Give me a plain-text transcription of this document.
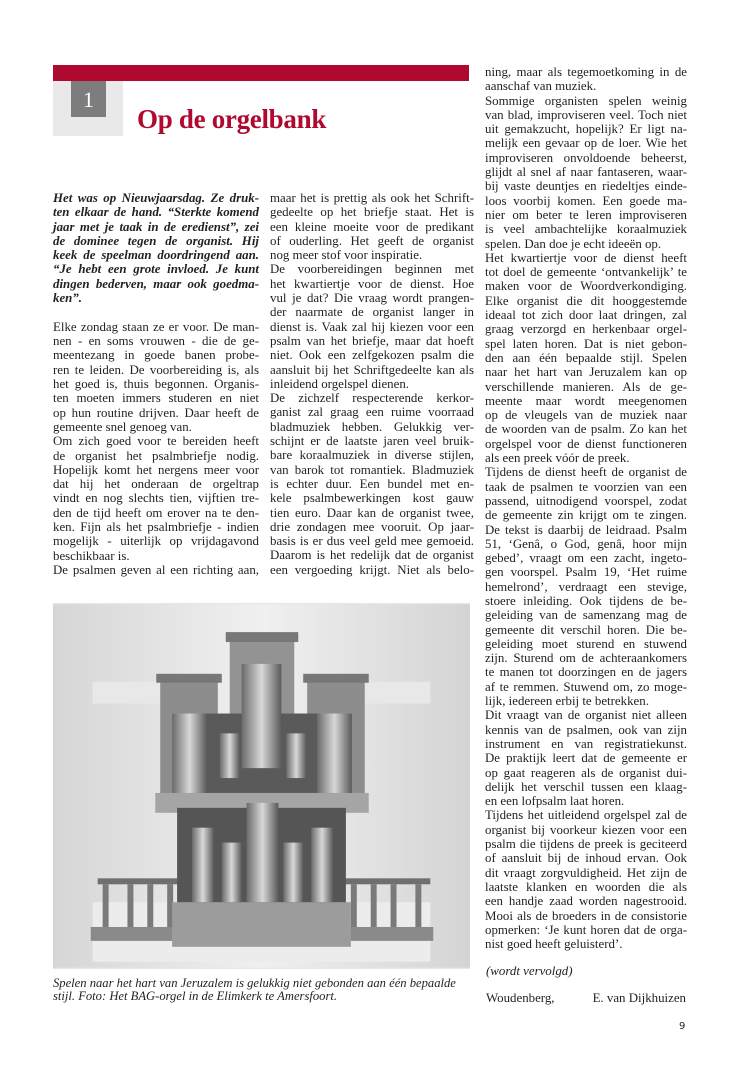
1
Op de orgelbank
Het was op Nieuwjaarsdag. Ze druk-
ten elkaar de hand. “Sterkte komend
jaar met je taak in de eredienst”, zei
de dominee tegen de organist. Hij
keek de speelman doordringend aan.
“Je hebt een grote invloed. Je kunt
dingen bederven, maar ook goedma-
ken”.
Elke zondag staan ze er voor. De man-
nen - en soms vrouwen - die de ge-
meentezang in goede banen probe-
ren te leiden. De voorbereiding is, als
het goed is, thuis begonnen. Organis-
ten moeten immers studeren en niet
op hun routine drijven. Daar heeft de
gemeente snel genoeg van.
Om zich goed voor te bereiden heeft
de organist het psalmbriefje nodig.
Hopelijk komt het nergens meer voor
dat hij het onderaan de orgeltrap
vindt en nog slechts tien, vijftien tre-
den de tijd heeft om erover na te den-
ken. Fijn als het psalmbriefje - indien
mogelijk - uiterlijk op vrijdagavond
beschikbaar is.
De psalmen geven al een richting aan,
maar het is prettig als ook het Schrift-
gedeelte op het briefje staat. Het is
een kleine moeite voor de predikant
of ouderling. Het geeft de organist
nog meer stof voor inspiratie.
De voorbereidingen beginnen met
het kwartiertje voor de dienst. Hoe
vul je dat? Die vraag wordt prangen-
der naarmate de organist langer in
dienst is. Vaak zal hij kiezen voor een
psalm van het briefje, maar dat hoeft
niet. Ook een zelfgekozen psalm die
aansluit bij het Schriftgedeelte kan als
inleidend orgelspel dienen.
De zichzelf respecterende kerkor-
ganist zal graag een ruime voorraad
bladmuziek hebben. Gelukkig ver-
schijnt er de laatste jaren veel bruik-
bare koraalmuziek in diverse stijlen,
van barok tot romantiek. Bladmuziek
is echter duur. Een bundel met en-
kele psalmbewerkingen kost gauw
tien euro. Daar kan de organist twee,
drie zondagen mee vooruit. Op jaar-
basis is er dus veel geld mee gemoeid.
Daarom is het redelijk dat de organist
een vergoeding krijgt. Niet als belo-
ning, maar als tegemoetkoming in de
aanschaf van muziek.
Sommige organisten spelen weinig
van blad, improviseren veel. Toch niet
uit gemakzucht, hopelijk? Er ligt na-
melijk een gevaar op de loer. Wie het
improviseren onvoldoende beheerst,
glijdt al snel af naar fantaseren, waar-
bij vaste deuntjes en riedeltjes einde-
loos voorbij komen. Een goede ma-
nier om beter te leren improviseren
is veel ambachtelijke koraalmuziek
spelen. Dan doe je echt ideeën op.
Het kwartiertje voor de dienst heeft
tot doel de gemeente ‘ontvankelijk’ te
maken voor de Woordverkondiging.
Elke organist die dit hooggestemde
ideaal tot zich door laat dringen, zal
graag verzorgd en herkenbaar orgel-
spel laten horen. Dat is niet gebon-
den aan één bepaalde stijl. Spelen
naar het hart van Jeruzalem kan op
verschillende manieren. Als de ge-
meente maar wordt meegenomen
op de vleugels van de muziek naar
de woorden van de psalm. Zo kan het
orgelspel voor de dienst functioneren
als een preek vóór de preek.
Tijdens de dienst heeft de organist de
taak de psalmen te voorzien van een
passend, uitnodigend voorspel, zodat
de gemeente zin krijgt om te zingen.
De tekst is daarbij de leidraad. Psalm
51, ‘Genâ, o God, genâ, hoor mijn
gebed’, vraagt om een zacht, ingeto-
gen voorspel. Psalm 19, ‘Het ruime
hemelrond’, verdraagt een stevige,
stoere inleiding. Ook tijdens de be-
geleiding van de samenzang mag de
gemeente dit verschil horen. Die be-
geleiding moet sturend en stuwend
zijn. Sturend om de achteraankomers
te manen tot doorzingen en de jagers
af te remmen. Stuwend om, zo moge-
lijk, iedereen erbij te betrekken.
Dit vraagt van de organist niet alleen
kennis van de psalmen, ook van zijn
instrument en van registratiekunst.
De praktijk leert dat de gemeente er
op gaat reageren als de organist dui-
delijk het verschil tussen een klaag-
en een lofpsalm laat horen.
Tijdens het uitleidend orgelspel zal de
organist bij voorkeur kiezen voor een
psalm die tijdens de preek is geciteerd
of aansluit bij de inhoud ervan. Ook
dit vraagt zorgvuldigheid. Het zijn de
laatste klanken en woorden die als
een handje zaad worden nagestrooid.
Mooi als de broeders in de consistorie
opmerken: ‘Je kunt horen dat de orga-
nist goed heeft geluisterd’.
Spelen naar het hart van Jeruzalem is gelukkig niet gebonden aan één bepaalde
stijl. Foto: Het BAG-orgel in de Elimkerk te Amersfoort.
(wordt vervolgd)
Woudenberg,	E. van Dijkhuizen
9
